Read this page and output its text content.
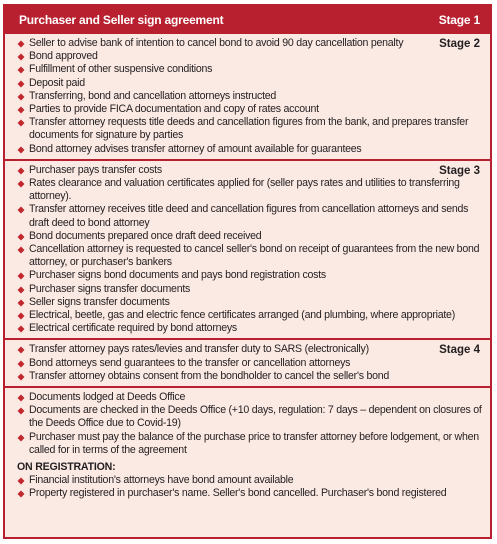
Purchaser and Seller sign agreement	Stage 1
Stage 2
Seller to advise bank of intention to cancel bond to avoid 90 day cancellation penalty
Bond approved
Fulfillment of other suspensive conditions
Deposit paid
Transferring, bond and cancellation attorneys instructed
Parties to provide FICA documentation and copy of rates account
Transfer attorney requests title deeds and cancellation figures from the bank, and prepares transfer documents for signature by parties
Bond attorney advises transfer attorney of amount available for guarantees
Stage 3
Purchaser pays transfer costs
Rates clearance and valuation certificates applied for (seller pays rates and utilities to transferring attorney).
Transfer attorney receives title deed and cancellation figures from cancellation attorneys and sends draft deed to bond attorney
Bond documents prepared once draft deed received
Cancellation attorney is requested to cancel seller's bond on receipt of guarantees from the new bond attorney, or purchaser's bankers
Purchaser signs bond documents and pays bond registration costs
Purchaser signs transfer documents
Seller signs transfer documents
Electrical, beetle, gas and electric fence certificates arranged (and plumbing, where appropriate)
Electrical certificate required by bond attorneys
Stage 4
Transfer attorney pays rates/levies and transfer duty to SARS (electronically)
Bond attorneys send guarantees to the transfer or cancellation attorneys
Transfer attorney obtains consent from the bondholder to cancel the seller's bond
Documents lodged at Deeds Office
Documents are checked in the Deeds Office (+10 days, regulation: 7 days – dependent on closures of the Deeds Office due to Covid-19)
Purchaser must pay the balance of the purchase price to transfer attorney before lodgement, or when called for in terms of the agreement
ON REGISTRATION:
Financial institution's attorneys have bond amount available
Property registered in purchaser's name. Seller's bond cancelled. Purchaser's bond registered
